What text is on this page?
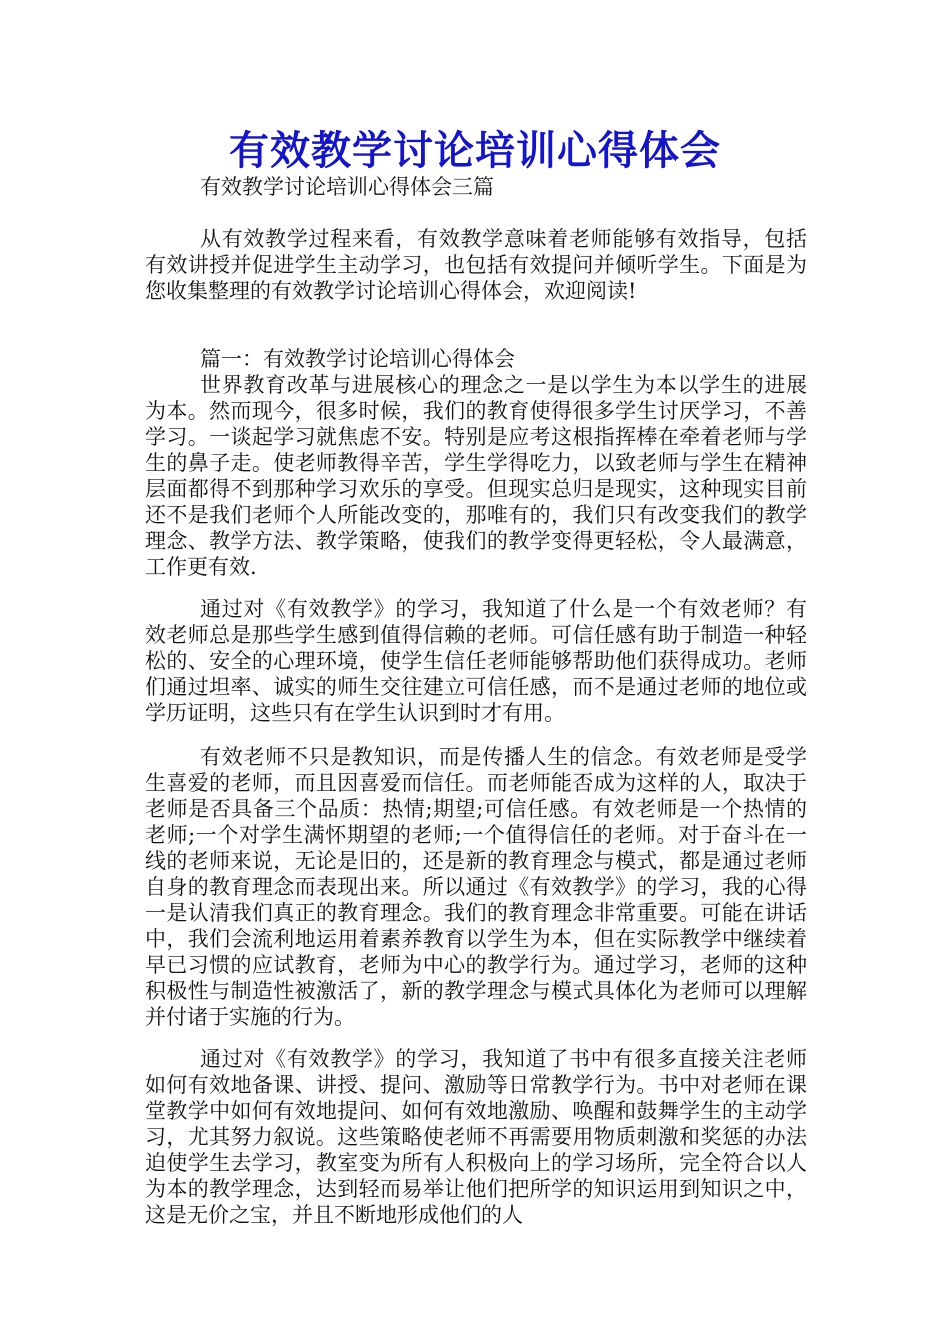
有效教学讨论培训心得体会

有效教学讨论培训心得体会三篇

从有效教学过程来看，有效教学意味着老师能够有效指导，包括有效讲授并促进学生主动学习，也包括有效提问并倾听学生。下面是为您收集整理的有效教学讨论培训心得体会，欢迎阅读!

篇一：有效教学讨论培训心得体会

世界教育改革与进展核心的理念之一是以学生为本以学生的进展为本。然而现今，很多时候，我们的教育使得很多学生讨厌学习，不善学习。一谈起学习就焦虑不安。特别是应考这根指挥棒在牵着老师与学生的鼻子走。使老师教得辛苦，学生学得吃力，以致老师与学生在精神层面都得不到那种学习欢乐的享受。但现实总归是现实，这种现实目前还不是我们老师个人所能改变的，那唯有的，我们只有改变我们的教学理念、教学方法、教学策略，使我们的教学变得更轻松，令人最满意，工作更有效.

通过对《有效教学》的学习，我知道了什么是一个有效老师？有效老师总是那些学生感到值得信赖的老师。可信任感有助于制造一种轻松的、安全的心理环境，使学生信任老师能够帮助他们获得成功。老师们通过坦率、诚实的师生交往建立可信任感，而不是通过老师的地位或学历证明，这些只有在学生认识到时才有用。

有效老师不只是教知识，而是传播人生的信念。有效老师是受学生喜爱的老师，而且因喜爱而信任。而老师能否成为这样的人，取决于老师是否具备三个品质：热情;期望;可信任感。有效老师是一个热情的老师;一个对学生满怀期望的老师;一个值得信任的老师。对于奋斗在一线的老师来说，无论是旧的，还是新的教育理念与模式，都是通过老师自身的教育理念而表现出来。所以通过《有效教学》的学习，我的心得一是认清我们真正的教育理念。我们的教育理念非常重要。可能在讲话中，我们会流利地运用着素养教育以学生为本，但在实际教学中继续着早已习惯的应试教育，老师为中心的教学行为。通过学习，老师的这种积极性与制造性被激活了，新的教学理念与模式具体化为老师可以理解并付诸于实施的行为。

通过对《有效教学》的学习，我知道了书中有很多直接关注老师如何有效地备课、讲授、提问、激励等日常教学行为。书中对老师在课堂教学中如何有效地提问、如何有效地激励、唤醒和鼓舞学生的主动学习，尤其努力叙说。这些策略使老师不再需要用物质刺激和奖惩的办法迫使学生去学习，教室变为所有人积极向上的学习场所，完全符合以人为本的教学理念，达到轻而易举让他们把所学的知识运用到知识之中，这是无价之宝，并且不断地形成他们的人
